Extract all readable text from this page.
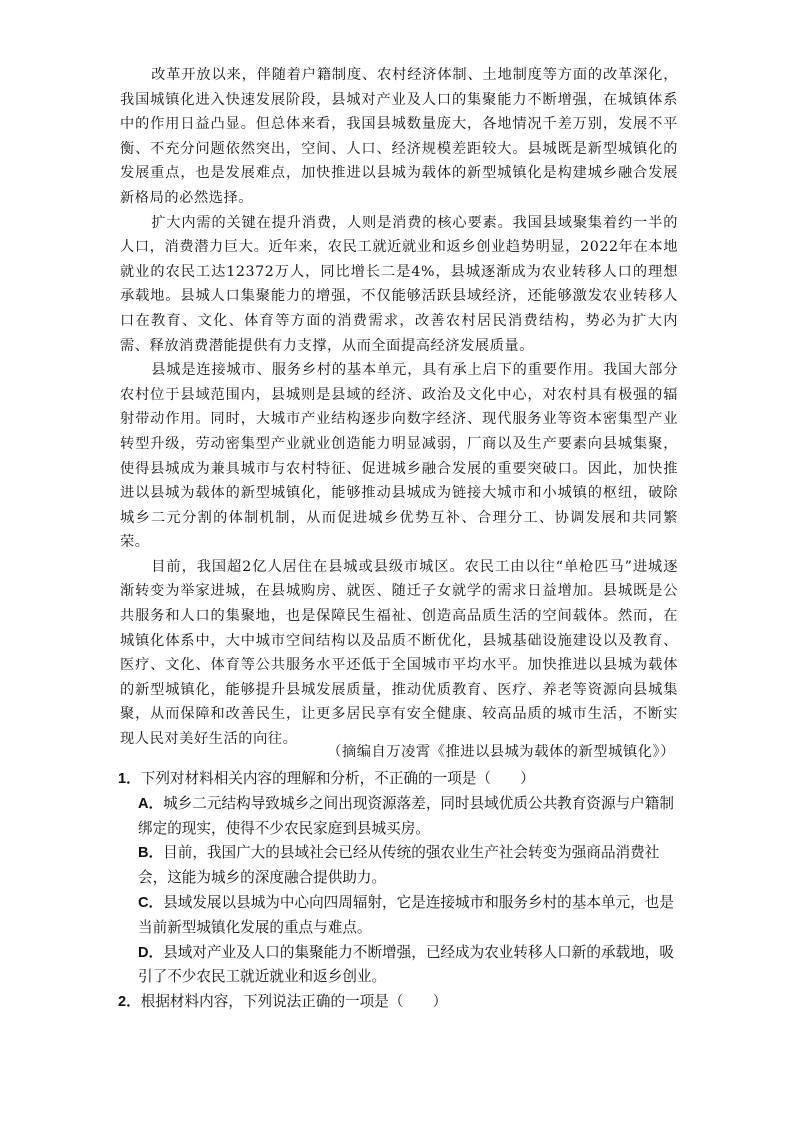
改革开放以来，伴随着户籍制度、农村经济体制、土地制度等方面的改革深化，我国城镇化进入快速发展阶段，县城对产业及人口的集聚能力不断增强，在城镇体系中的作用日益凸显。但总体来看，我国县城数量庞大，各地情况千差万别，发展不平衡、不充分问题依然突出，空间、人口、经济规模差距较大。县城既是新型城镇化的发展重点，也是发展难点，加快推进以县城为载体的新型城镇化是构建城乡融合发展新格局的必然选择。

扩大内需的关键在提升消费，人则是消费的核心要素。我国县域聚集着约一半的人口，消费潜力巨大。近年来，农民工就近就业和返乡创业趋势明显，2022年在本地就业的农民工达12372万人，同比增长二是4%，县城逐渐成为农业转移人口的理想承载地。县城人口集聚能力的增强，不仅能够活跃县域经济，还能够激发农业转移人口在教育、文化、体育等方面的消费需求，改善农村居民消费结构，势必为扩大内需、释放消费潜能提供有力支撑，从而全面提高经济发展质量。

县城是连接城市、服务乡村的基本单元，具有承上启下的重要作用。我国大部分农村位于县域范围内，县城则是县域的经济、政治及文化中心，对农村具有极强的辐射带动作用。同时，大城市产业结构逐步向数字经济、现代服务业等资本密集型产业转型升级，劳动密集型产业就业创造能力明显减弱，厂商以及生产要素向县城集聚，使得县城成为兼具城市与农村特征、促进城乡融合发展的重要突破口。因此，加快推进以县城为载体的新型城镇化，能够推动县城成为链接大城市和小城镇的枢纽，破除城乡二元分割的体制机制，从而促进城乡优势互补、合理分工、协调发展和共同繁荣。

目前，我国超2亿人居住在县城或县级市城区。农民工由以往“单枪匹马”进城逐渐转变为举家进城，在县城购房、就医、随迁子女就学的需求日益增加。县城既是公共服务和人口的集聚地，也是保障民生福祉、创造高品质生活的空间载体。然而，在城镇化体系中，大中城市空间结构以及品质不断优化，县城基础设施建设以及教育、医疗、文化、体育等公共服务水平还低于全国城市平均水平。加快推进以县城为载体的新型城镇化，能够提升县城发展质量，推动优质教育、医疗、养老等资源向县城集聚，从而保障和改善民生，让更多居民享有安全健康、较高品质的城市生活，不断实现人民对美好生活的向往。

（摘编自万凌霄《推进以县城为载体的新型城镇化》）

1．下列对材料相关内容的理解和分析，不正确的一项是（　　）

A．城乡二元结构导致城乡之间出现资源落差，同时县域优质公共教育资源与户籍制绑定的现实，使得不少农民家庭到县城买房。

B．目前，我国广大的县域社会已经从传统的强农业生产社会转变为强商品消费社会，这能为城乡的深度融合提供助力。

C．县域发展以县城为中心向四周辐射，它是连接城市和服务乡村的基本单元，也是当前新型城镇化发展的重点与难点。

D．县域对产业及人口的集聚能力不断增强，已经成为农业转移人口新的承载地，吸引了不少农民工就近就业和返乡创业。

2．根据材料内容，下列说法正确的一项是（　　）
